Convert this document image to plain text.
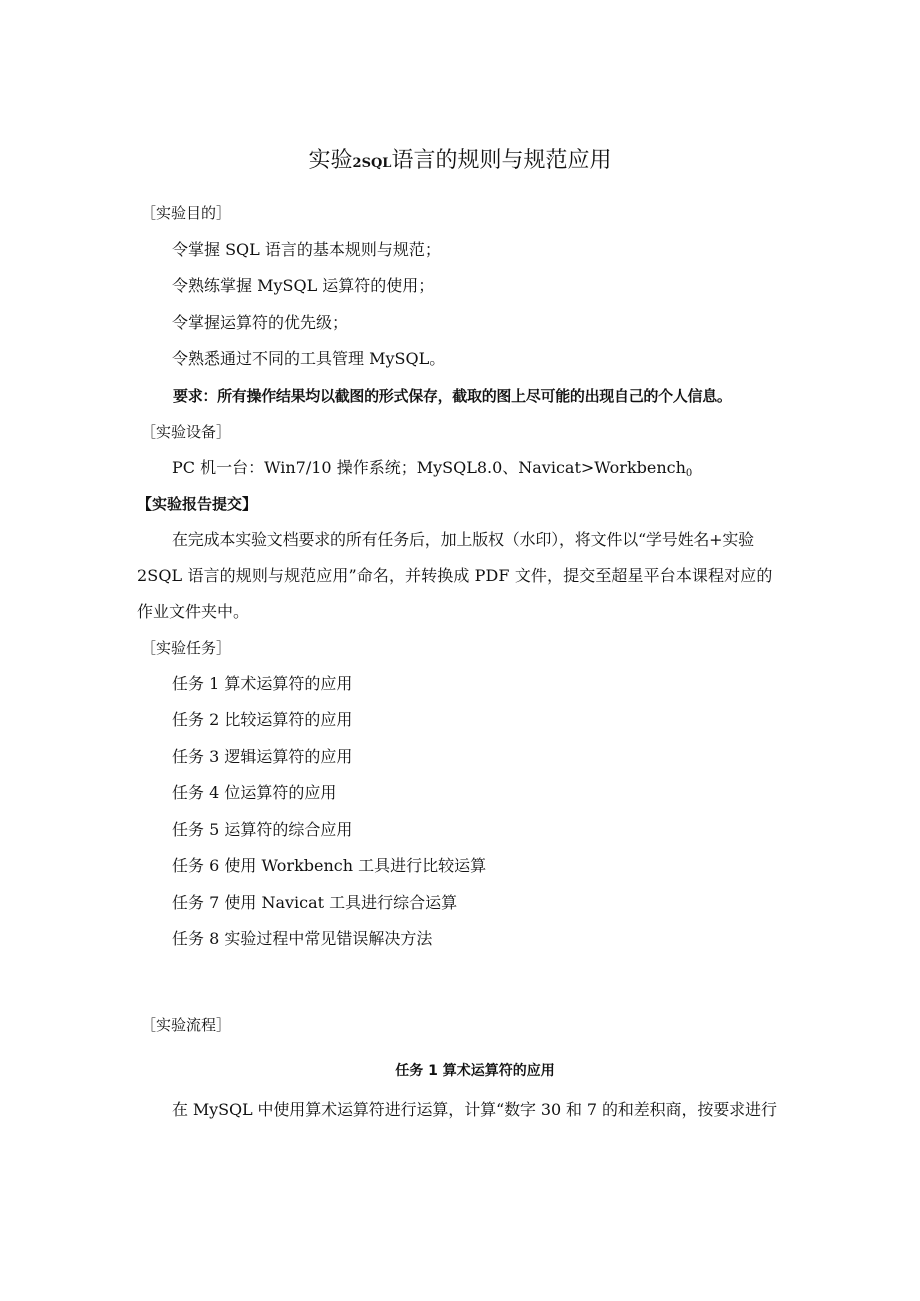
实验2SQL语言的规则与规范应用
［实验目的］
令掌握 SQL 语言的基本规则与规范；
令熟练掌握 MySQL 运算符的使用；
令掌握运算符的优先级；
令熟悉通过不同的工具管理 MySQL。
要求：所有操作结果均以截图的形式保存，截取的图上尽可能的出现自己的个人信息。
［实验设备］
PC 机一台：Win7/10 操作系统；MySQL8.0、Navicat>Workbench$_0$
【实验报告提交】
在完成本实验文档要求的所有任务后，加上版权（水印），将文件以“学号姓名+实验
2SQL 语言的规则与规范应用”命名，并转换成 PDF 文件，提交至超星平台本课程对应的
作业文件夹中。
［实验任务］
任务 1 算术运算符的应用
任务 2 比较运算符的应用
任务 3 逻辑运算符的应用
任务 4 位运算符的应用
任务 5 运算符的综合应用
任务 6 使用 Workbench 工具进行比较运算
任务 7 使用 Navicat 工具进行综合运算
任务 8 实验过程中常见错误解决方法
［实验流程］
任务 1 算术运算符的应用
在 MySQL 中使用算术运算符进行运算，计算“数字 30 和 7 的和差积商，按要求进行
